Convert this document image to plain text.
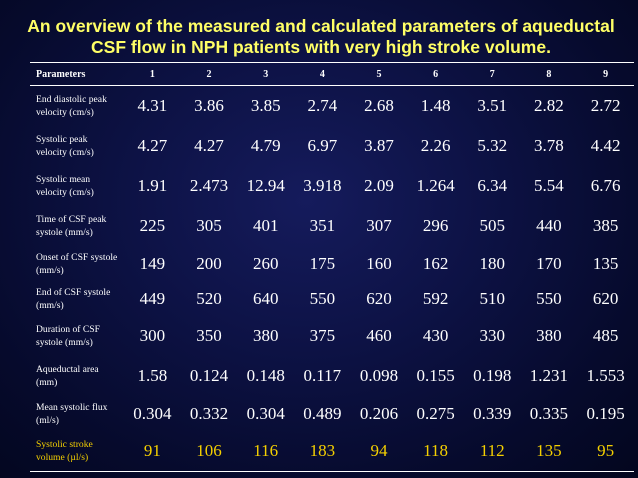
An overview of the measured and calculated parameters of aqueductal
CSF flow in NPH patients with very high stroke volume.
Parameters	1	2	3	4	5	6	7	8	9

End diastolic peak
velocity (cm/s)	4.31	3.86	3.85	2.74	2.68	1.48	3.51	2.82	2.72

Systolic peak
velocity (cm/s)	4.27	4.27	4.79	6.97	3.87	2.26	5.32	3.78	4.42

Systolic mean
velocity (cm/s)	1.91	2.473	12.94	3.918	2.09	1.264	6.34	5.54	6.76

Time of CSF peak
systole (mm/s)	225	305	401	351	307	296	505	440	385

Onset of CSF systole
(mm/s)	149	200	260	175	160	162	180	170	135

End of CSF systole
(mm/s)	449	520	640	550	620	592	510	550	620

Duration of CSF
systole (mm/s)	300	350	380	375	460	430	330	380	485

Aqueductal area
(mm)	1.58	0.124	0.148	0.117	0.098	0.155	0.198	1.231	1.553

Mean systolic flux
(ml/s)	0.304	0.332	0.304	0.489	0.206	0.275	0.339	0.335	0.195

Systolic stroke
volume (µl/s)	91	106	116	183	94	118	112	135	95
